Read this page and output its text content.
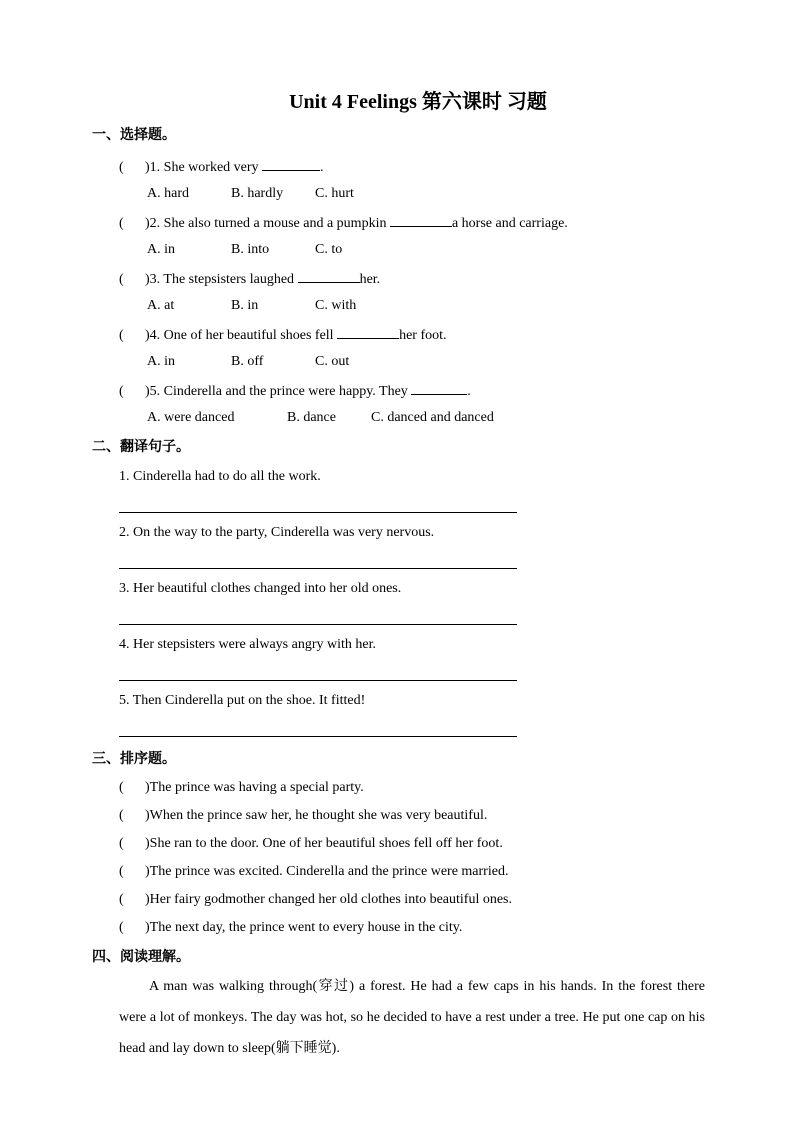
Unit 4 Feelings 第六课时 习题
一、选择题。
( )1. She worked very	.
A. hard	B. hardly C. hurt
( )2. She also turned a mouse and a pumpkin	a horse and carriage.
A. in	B. into	C. to
( )3. The stepsisters laughed	her.
A. at	B. in	C. with
( )4. One of her beautiful shoes fell	her foot.
A. in	B. off	C. out
( )5. Cinderella and the prince were happy. They	.
A. were danced	B. dance	C. danced and danced
二、翻译句子。
1. Cinderella had to do all the work.
2. On the way to the party, Cinderella was very nervous.
3. Her beautiful clothes changed into her old ones.
4. Her stepsisters were always angry with her.
5. Then Cinderella put on the shoe. It fitted!
三、排序题。
( )The prince was having a special party.
( )When the prince saw her, he thought she was very beautiful.
( )She ran to the door. One of her beautiful shoes fell off her foot.
( )The prince was excited. Cinderella and the prince were married.
( )Her fairy godmother changed her old clothes into beautiful ones.
( )The next day, the prince went to every house in the city.
四、阅读理解。

A man was walking through(穿过) a forest. He had a few caps in his hands. In the forest there were a lot of monkeys. The day was hot, so he decided to have a rest under a tree. He put one cap on his head and lay down to sleep(躺下睡觉).
